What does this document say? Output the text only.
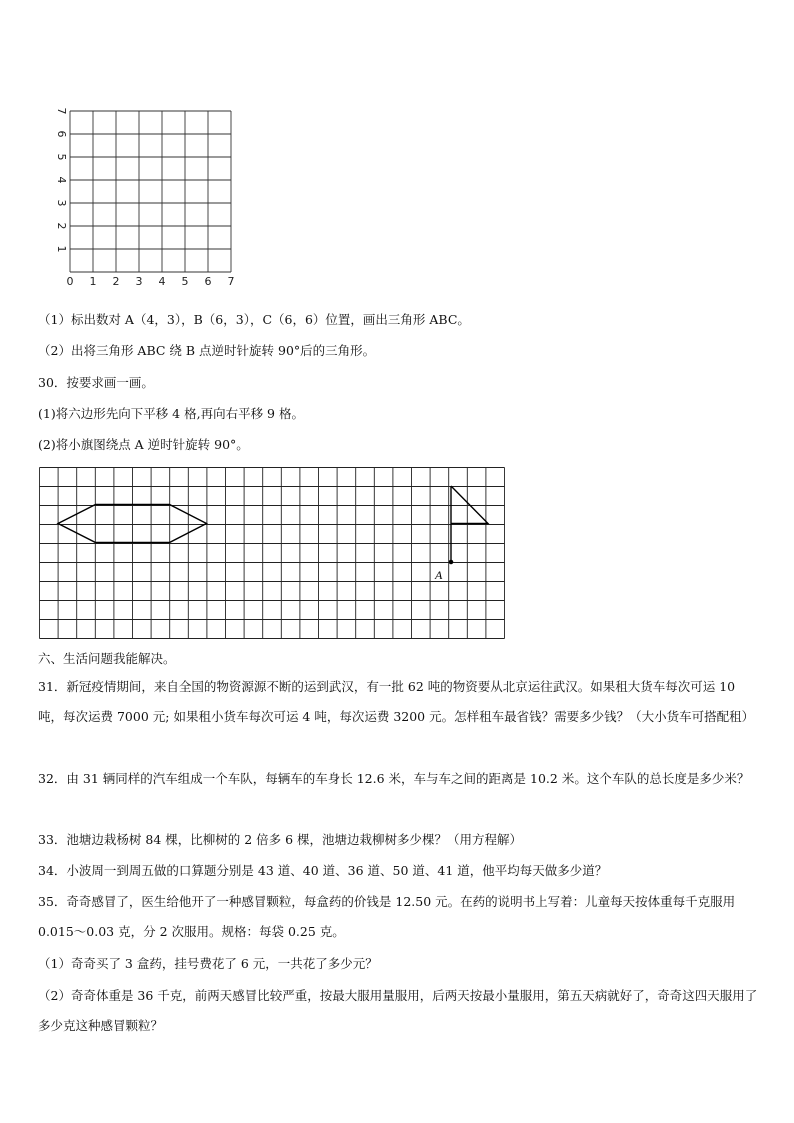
0 1 2 3 4 5 6 7
1
2
3
4
5
6
7
（1）标出数对 A（4，3），B（6，3），C（6，6）位置，画出三角形 ABC。
（2）出将三角形 ABC 绕 B 点逆时针旋转 90°后的三角形。
30．按要求画一画。
(1)将六边形先向下平移 4 格,再向右平移 9 格。
(2)将小旗图绕点 A 逆时针旋转 90°。
A
六、生活问题我能解决。
31．新冠疫情期间，来自全国的物资源源不断的运到武汉，有一批 62 吨的物资要从北京运往武汉。如果租大货车每次可运 10 吨，每次运费 7000 元; 如果租小货车每次可运 4 吨，每次运费 3200 元。怎样租车最省钱？需要多少钱？（大小货车可搭配租）
32．由 31 辆同样的汽车组成一个车队，每辆车的车身长 12.6 米，车与车之间的距离是 10.2 米。这个车队的总长度是多少米？
33．池塘边栽杨树 84 棵，比柳树的 2 倍多 6 棵，池塘边栽柳树多少棵？（用方程解）
34．小波周一到周五做的口算题分别是 43 道、40 道、36 道、50 道、41 道，他平均每天做多少道？
35．奇奇感冒了，医生给他开了一种感冒颗粒，每盒药的价钱是 12.50 元。在药的说明书上写着：儿童每天按体重每千克服用 0.015～0.03 克，分 2 次服用。规格：每袋 0.25 克。
（1）奇奇买了 3 盒药，挂号费花了 6 元，一共花了多少元？
（2）奇奇体重是 36 千克，前两天感冒比较严重，按最大服用量服用，后两天按最小量服用，第五天病就好了，奇奇这四天服用了多少克这种感冒颗粒？
